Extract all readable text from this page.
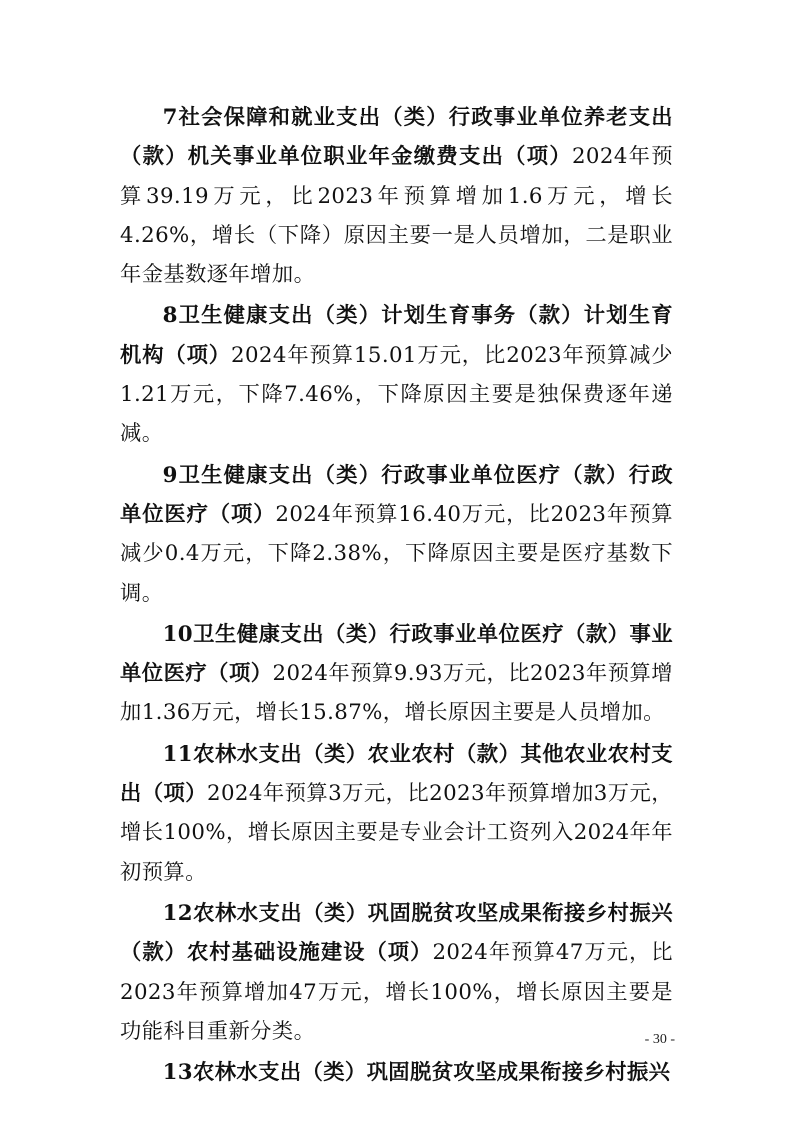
7社会保障和就业支出（类）行政事业单位养老支出（款）机关事业单位职业年金缴费支出（项）2024年预算39.19万元，比2023年预算增加1.6万元，增长4.26%，增长（下降）原因主要一是人员增加，二是职业年金基数逐年增加。

8卫生健康支出（类）计划生育事务（款）计划生育机构（项）2024年预算15.01万元，比2023年预算减少1.21万元，下降7.46%，下降原因主要是独保费逐年递减。

9卫生健康支出（类）行政事业单位医疗（款）行政单位医疗（项）2024年预算16.40万元，比2023年预算减少0.4万元，下降2.38%，下降原因主要是医疗基数下调。

10卫生健康支出（类）行政事业单位医疗（款）事业单位医疗（项）2024年预算9.93万元，比2023年预算增加1.36万元，增长15.87%，增长原因主要是人员增加。

11农林水支出（类）农业农村（款）其他农业农村支出（项）2024年预算3万元，比2023年预算增加3万元，增长100%，增长原因主要是专业会计工资列入2024年年初预算。

12农林水支出（类）巩固脱贫攻坚成果衔接乡村振兴（款）农村基础设施建设（项）2024年预算47万元，比2023年预算增加47万元，增长100%，增长原因主要是功能科目重新分类。

13农林水支出（类）巩固脱贫攻坚成果衔接乡村振兴

- 30 -
